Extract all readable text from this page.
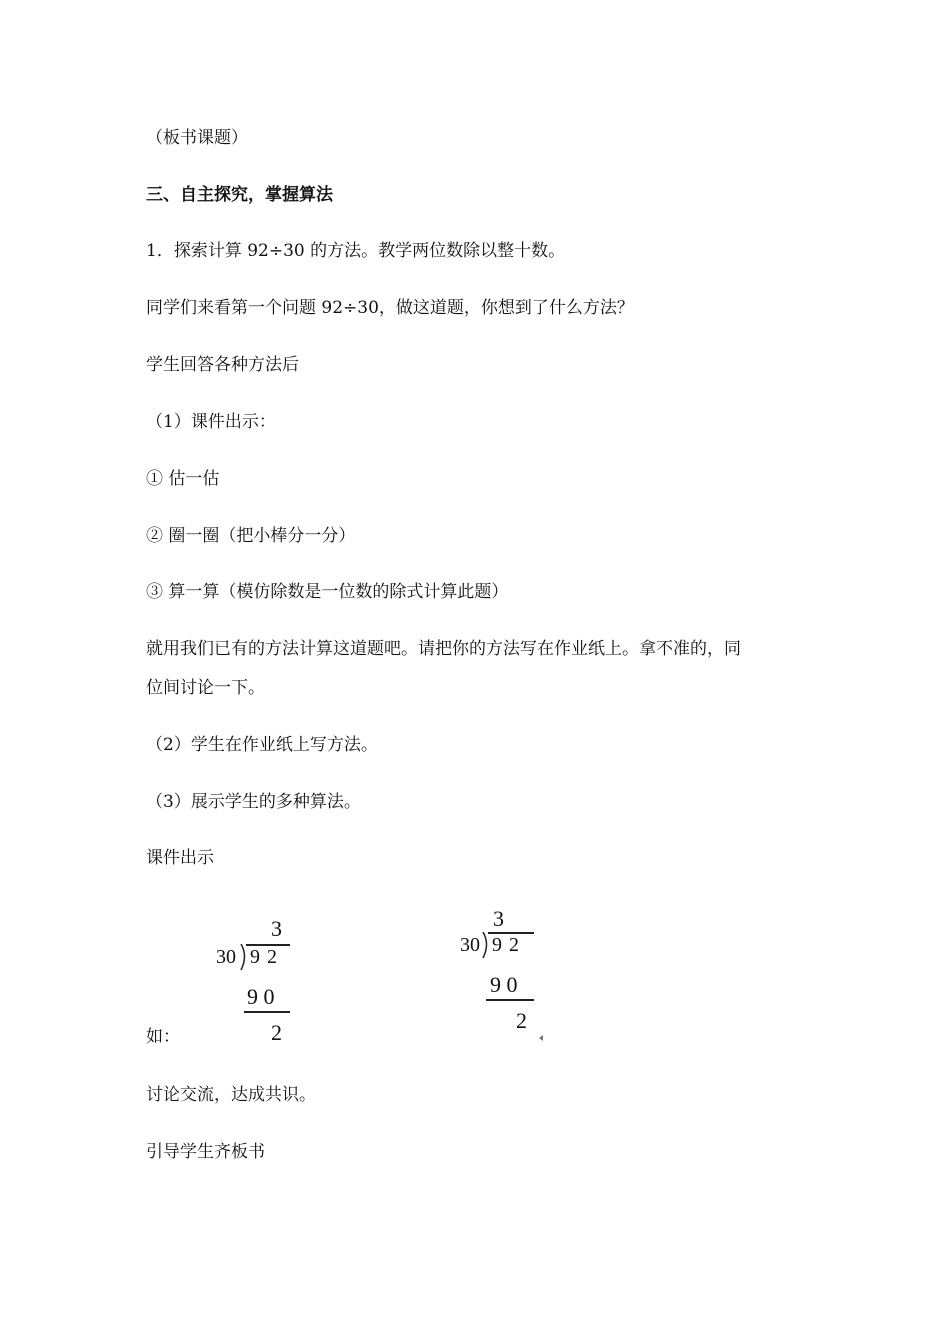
（板书课题）
三、自主探究，掌握算法
1．探索计算 92÷30 的方法。教学两位数除以整十数。
同学们来看第一个问题 92÷30，做这道题，你想到了什么方法？
学生回答各种方法后
（1）课件出示：
① 估一估
② 圈一圈（把小棒分一分）
③ 算一算（模仿除数是一位数的除式计算此题）
就用我们已有的方法计算这道题吧。请把你的方法写在作业纸上。拿不准的，同
位间讨论一下。
（2）学生在作业纸上写方法。
（3）展示学生的多种算法。
课件出示
如：
讨论交流，达成共识。
引导学生齐板书
3
30 9 2
9 0
2
3
30 9 2
9 0
2
